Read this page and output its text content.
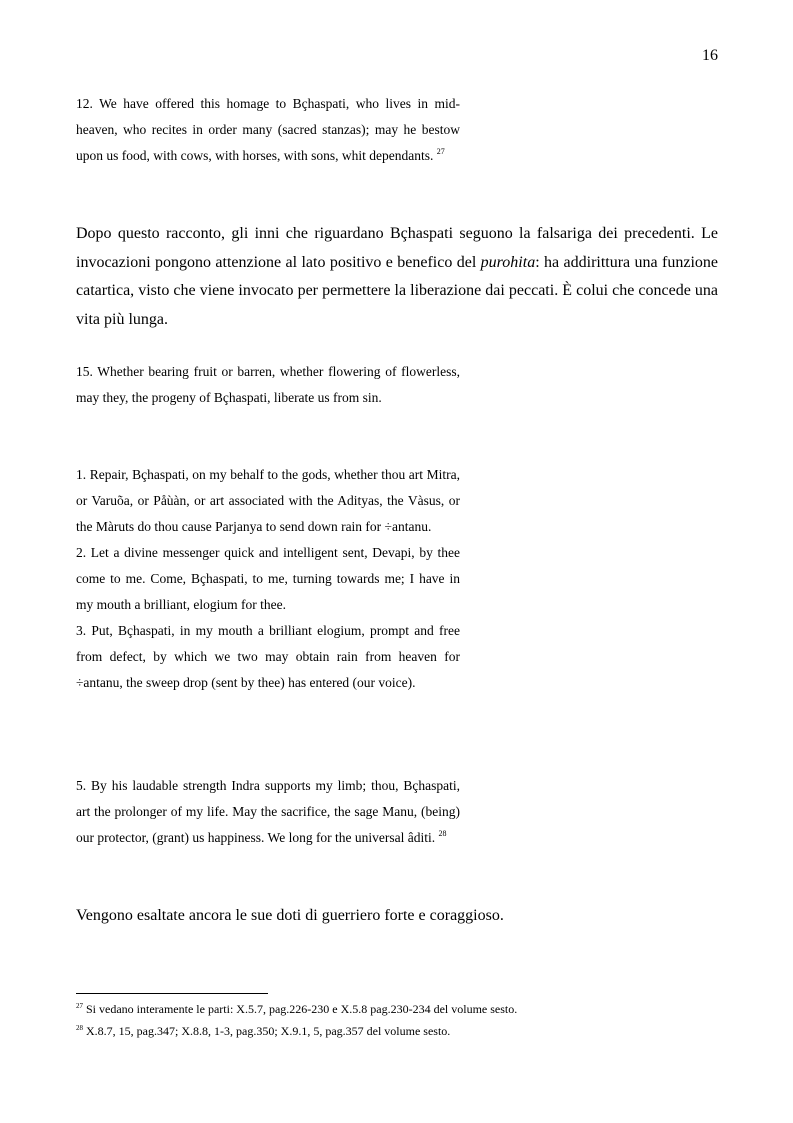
16

12. We have offered this homage to Bçhaspati, who lives in mid-heaven, who recites in order many (sacred stanzas); may he bestow upon us food, with cows, with horses, with sons, whit dependants. $^{27}$

Dopo questo racconto, gli inni che riguardano Bçhaspati seguono la falsariga dei precedenti. Le invocazioni pongono attenzione al lato positivo e benefico del purohita: ha addirittura una funzione catartica, visto che viene invocato per permettere la liberazione dai peccati. È colui che concede una vita più lunga.

15. Whether bearing fruit or barren, whether flowering of flowerless, may they, the progeny of Bçhaspati, liberate us from sin.

1. Repair, Bçhaspati, on my behalf to the gods, whether thou art Mitra, or Varuõa, or Påùàn, or art associated with the Adityas, the Vàsus, or the Màruts do thou cause Parjanya to send down rain for ÷antanu.

2. Let a divine messenger quick and intelligent sent, Devapi, by thee come to me. Come, Bçhaspati, to me, turning towards me; I have in my mouth a brilliant, elogium for thee.

3. Put, Bçhaspati, in my mouth a brilliant elogium, prompt and free from defect, by which we two may obtain rain from heaven for ÷antanu, the sweep drop (sent by thee) has entered (our voice).

5. By his laudable strength Indra supports my limb; thou, Bçhaspati, art the prolonger of my life. May the sacrifice, the sage Manu, (being) our protector, (grant) us happiness. We long for the universal âditi. $^{28}$

Vengono esaltate ancora le sue doti di guerriero forte e coraggioso.

$^{27}$ Si vedano interamente le parti: X.5.7, pag.226-230 e X.5.8 pag.230-234 del volume sesto.
$^{28}$ X.8.7, 15, pag.347; X.8.8, 1-3, pag.350; X.9.1, 5, pag.357 del volume sesto.
